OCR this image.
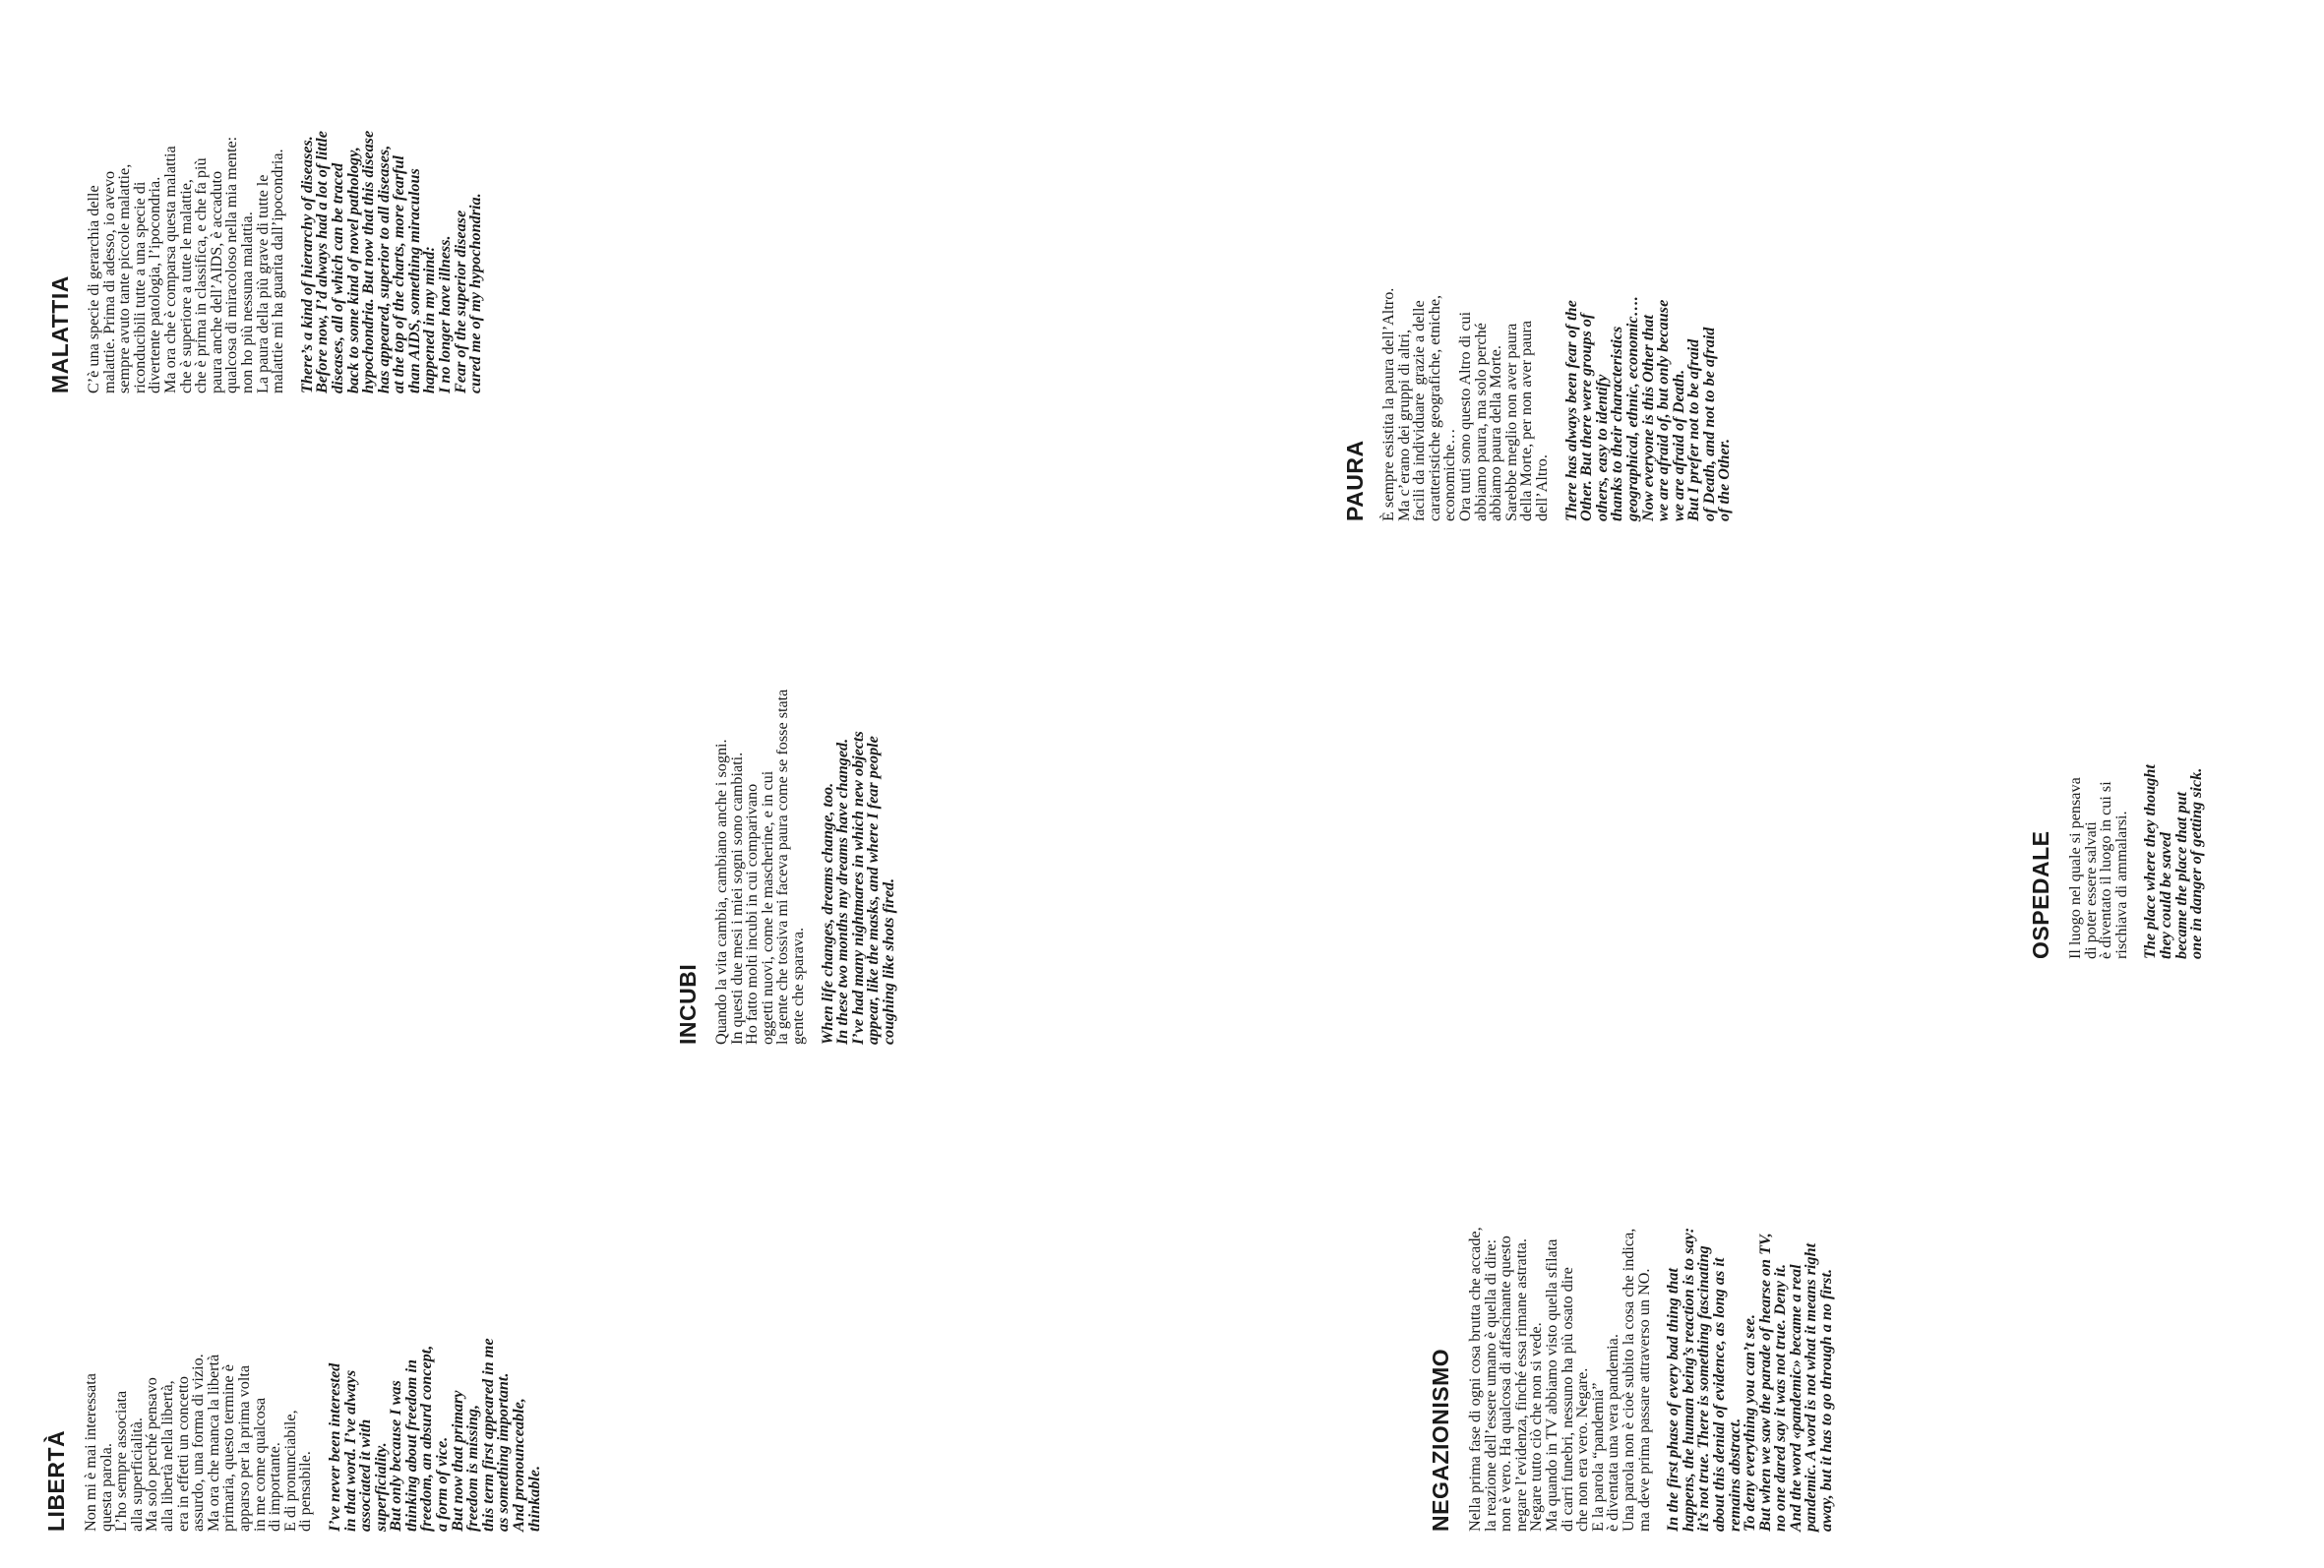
MALATTIA C’è una specie di gerarchia delle
malattie. Prima di adesso, io avevo
sempre avuto tante piccole malattie,
riconducibili tutte a una specie di
divertente patologia, l’ipocondria.
Ma ora che è comparsa questa malattia
che è superiore a tutte le malattie,
che è prima in classifica, e che fa più
paura anche dell’AIDS, è accaduto
qualcosa di miracoloso nella mia mente:
non ho più nessuna malattia.
La paura della più grave di tutte le
malattie mi ha guarita dall’ipocondria.
There’s a kind of hierarchy of diseases.
Before now, I’d always had a lot of little
diseases, all of which can be traced
back to some kind of novel pathology,
hypochondria. But now that this disease
has appeared, superior to all diseases,
at the top of the charts, more fearful
than AIDS, something miraculous
happened in my mind:
I no longer have illness.
Fear of the superior disease
cured me of my hypochondria.
INCUBI Quando la vita cambia, cambiano anche i sogni.
In questi due mesi i miei sogni sono cambiati.
Ho fatto molti incubi in cui comparivano
oggetti nuovi, come le mascherine, e in cui
la gente che tossiva mi faceva paura come se fosse stata
gente che sparava.
When life changes, dreams change, too.
In these two months my dreams have changed.
I’ve had many nightmares in which new objects
appear, like the masks, and where I fear people
coughing like shots fired.
LIBERTÀ Non mi è mai interessata
questa parola.
L’ho sempre associata
alla superficialità.
Ma solo perché pensavo
alla libertà nella libertà,
era in effetti un concetto
assurdo, una forma di vizio.
Ma ora che manca la libertà
primaria, questo termine è
apparso per la prima volta
in me come qualcosa
di importante.
E di pronunciabile,
di pensabile.
I’ve never been interested
in that word. I’ve always
associated it with
superficiality.
But only because I was
thinking about freedom in
freedom, an absurd concept,
a form of vice.
But now that primary
freedom is missing,
this term first appeared in me
as something important.
And pronounceable,
thinkable.
PAURA È sempre esistita la paura dell’Altro.
Ma c’erano dei gruppi di altri,
facili da individuare  grazie a delle
caratteristiche geografiche, etniche,
economiche…
Ora tutti sono questo Altro di cui
abbiamo paura, ma solo perché
abbiamo paura della Morte.
Sarebbe meglio non aver paura
della Morte, per non aver paura
dell’Altro. There has always been fear of the
Other. But there were groups of
others, easy to identify
thanks to their characteristics
geographical, ethnic, economic….
Now everyone is this Other that
we are afraid of, but only because
we are afraid of Death.
But I prefer not to be afraid
of Death, and not to be afraid
of the Other.
OSPEDALE Il luogo nel quale si pensava
di poter essere salvati
è diventato il luogo in cui si
rischiava di ammalarsi.
The place where they thought
they could be saved
became the place that put
one in danger of getting sick.
NEGAZIONISMO Nella prima fase di ogni cosa brutta che accade,
la reazione dell’essere umano è quella di dire:
non è vero. Ha qualcosa di affascinante questo
negare l’evidenza, finché essa rimane astratta.
Negare tutto ciò che non si vede.
Ma quando in TV abbiamo visto quella sfilata
di carri funebri, nessuno ha più osato dire
che non era vero. Negare.
E la parola “pandemia”
è diventata una vera pandemia.
Una parola non è cioè subito la cosa che indica,
ma deve prima passare attraverso un NO.
In the first phase of every bad thing that
happens, the human being’s reaction is to say:
it’s not true. There is something fascinating
about this denial of evidence, as long as it
remains abstract.
To deny everything you can’t see.
But when we saw the parade of hearse on TV,
no one dared say it was not true. Deny it.
And the word «pandemic» became a real
pandemic. A word is not what it means right
away, but it has to go through a no first.
